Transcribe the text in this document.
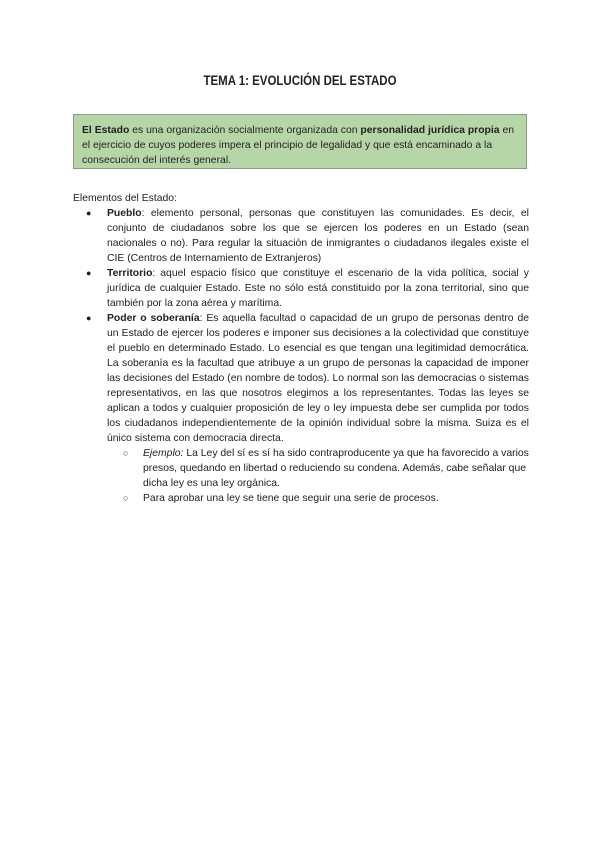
TEMA 1: EVOLUCIÓN DEL ESTADO
El Estado es una organización socialmente organizada con personalidad jurídica propia en el ejercicio de cuyos poderes impera el principio de legalidad y que está encaminado a la consecución del interés general.

Elementos del Estado:

● Pueblo: elemento personal, personas que constituyen las comunidades. Es decir, el conjunto de ciudadanos sobre los que se ejercen los poderes en un Estado (sean nacionales o no). Para regular la situación de inmigrantes o ciudadanos ilegales existe el CIE (Centros de Internamiento de Extranjeros)
● Territorio: aquel espacio físico que constituye el escenario de la vida política, social y jurídica de cualquier Estado. Este no sólo está constituido por la zona territorial, sino que también por la zona aérea y marítima.
● Poder o soberanía: Es aquella facultad o capacidad de un grupo de personas dentro de un Estado de ejercer los poderes e imponer sus decisiones a la colectividad que constituye el pueblo en determinado Estado. Lo esencial es que tengan una legitimidad democrática. La soberanía es la facultad que atribuye a un grupo de personas la capacidad de imponer las decisiones del Estado (en nombre de todos). Lo normal son las democracias o sistemas representativos, en las que nosotros elegimos a los representantes. Todas las leyes se aplican a todos y cualquier proposición de ley o ley impuesta debe ser cumplida por todos los ciudadanos independientemente de la opinión individual sobre la misma. Suiza es el único sistema con democracia directa.
○ Ejemplo: La Ley del sí es sí ha sido contraproducente ya que ha favorecido a varios presos, quedando en libertad o reduciendo su condena. Además, cabe señalar que dicha ley es una ley orgánica.
○ Para aprobar una ley se tiene que seguir una serie de procesos.
